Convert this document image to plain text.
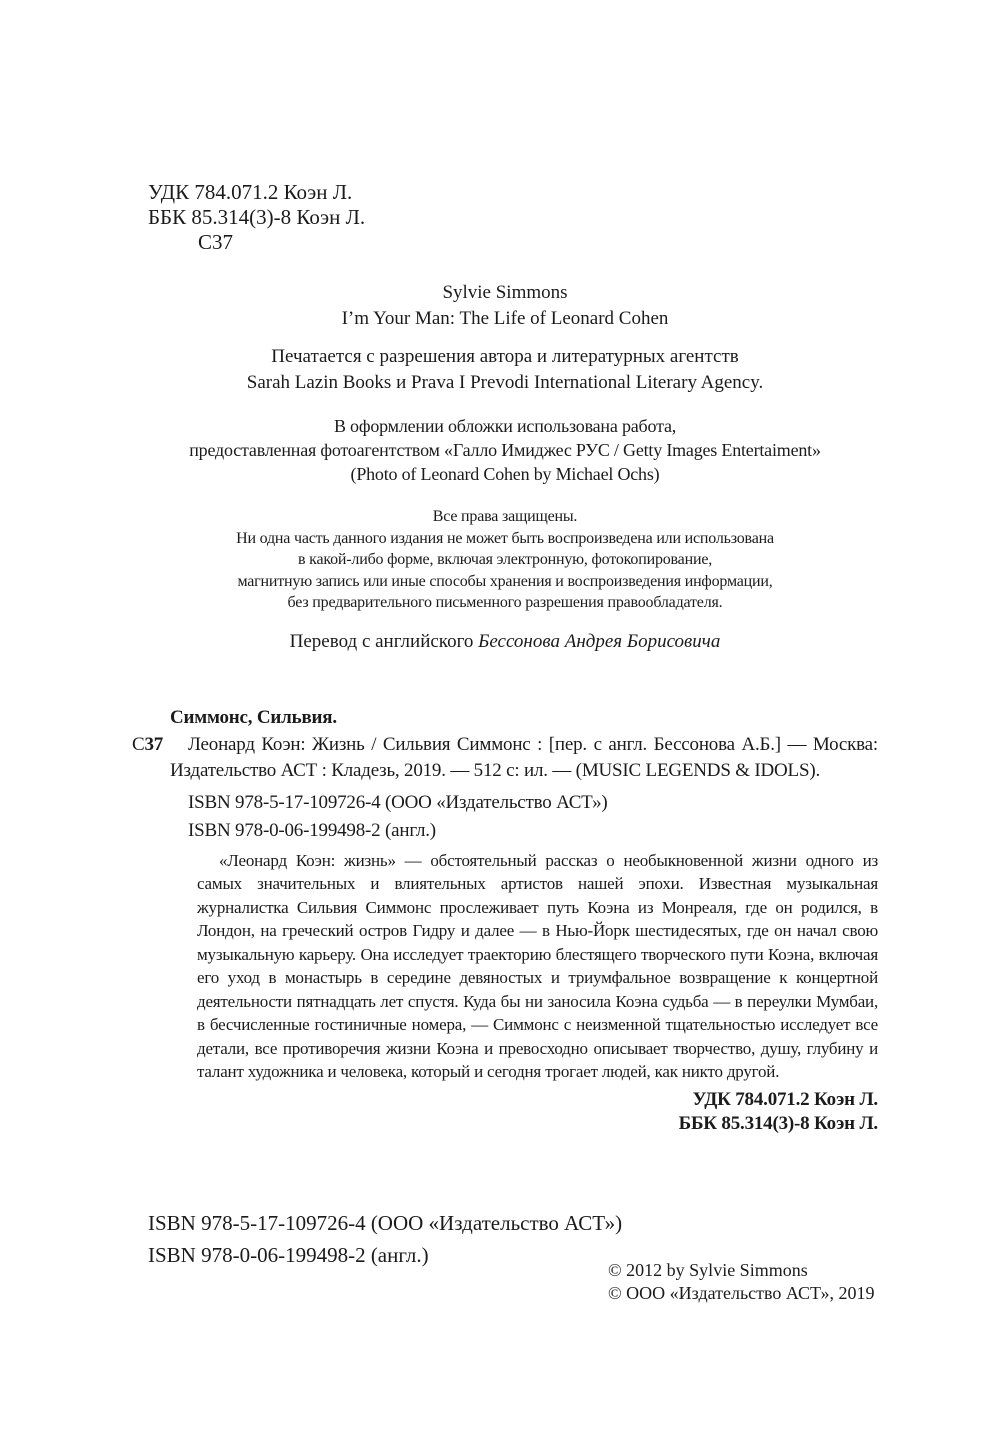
УДК 784.071.2 Коэн Л.
ББК 85.314(3)-8 Коэн Л.
С37
Sylvie Simmons
I’m Your Man: The Life of Leonard Cohen
Печатается с разрешения автора и литературных агентств
Sarah Lazin Books и Prava I Prevodi International Literary Agency.
В оформлении обложки использована работа,
предоставленная фотоагентством «Галло Имиджес РУС / Getty Images Entertaiment»
(Photo of Leonard Cohen by Michael Ochs)
Все права защищены.
Ни одна часть данного издания не может быть воспроизведена или использована
в какой-либо форме, включая электронную, фотокопирование,
магнитную запись или иные способы хранения и воспроизведения информации,
без предварительного письменного разрешения правообладателя.
Перевод с английского Бессонова Андрея Борисовича
Симмонс, Сильвия.
С37	Леонард Коэн: Жизнь / Сильвия Симмонс : [пер. с англ. Бессонова А.Б.] — Москва: Издательство АСТ : Кладезь, 2019. — 512 с: ил. — (MUSIC LEGENDS & IDOLS).
ISBN 978-5-17-109726-4 (ООО «Издательство АСТ»)
ISBN 978-0-06-199498-2 (англ.)
«Леонард Коэн: жизнь» — обстоятельный рассказ о необыкновенной жизни одного из самых значительных и влиятельных артистов нашей эпохи. Известная музыкальная журналистка Сильвия Симмонс прослеживает путь Коэна из Монреаля, где он родился, в Лондон, на греческий остров Гидру и далее — в Нью-Йорк шестидесятых, где он начал свою музыкальную карьеру. Она исследует траекторию блестящего творческого пути Коэна, включая его уход в монастырь в середине девяностых и триумфальное возвращение к концертной деятельности пятнадцать лет спустя. Куда бы ни заносила Коэна судьба — в переулки Мумбаи, в бесчисленные гостиничные номера, — Симмонс с неизменной тщательностью исследует все детали, все противоречия жизни Коэна и превосходно описывает творчество, душу, глубину и талант художника и человека, который и сегодня трогает людей, как никто другой.
УДК 784.071.2 Коэн Л.
ББК 85.314(3)-8 Коэн Л.
ISBN 978-5-17-109726-4 (ООО «Издательство АСТ»)
ISBN 978-0-06-199498-2 (англ.)
© 2012 by Sylvie Simmons
© ООО «Издательство АСТ», 2019
